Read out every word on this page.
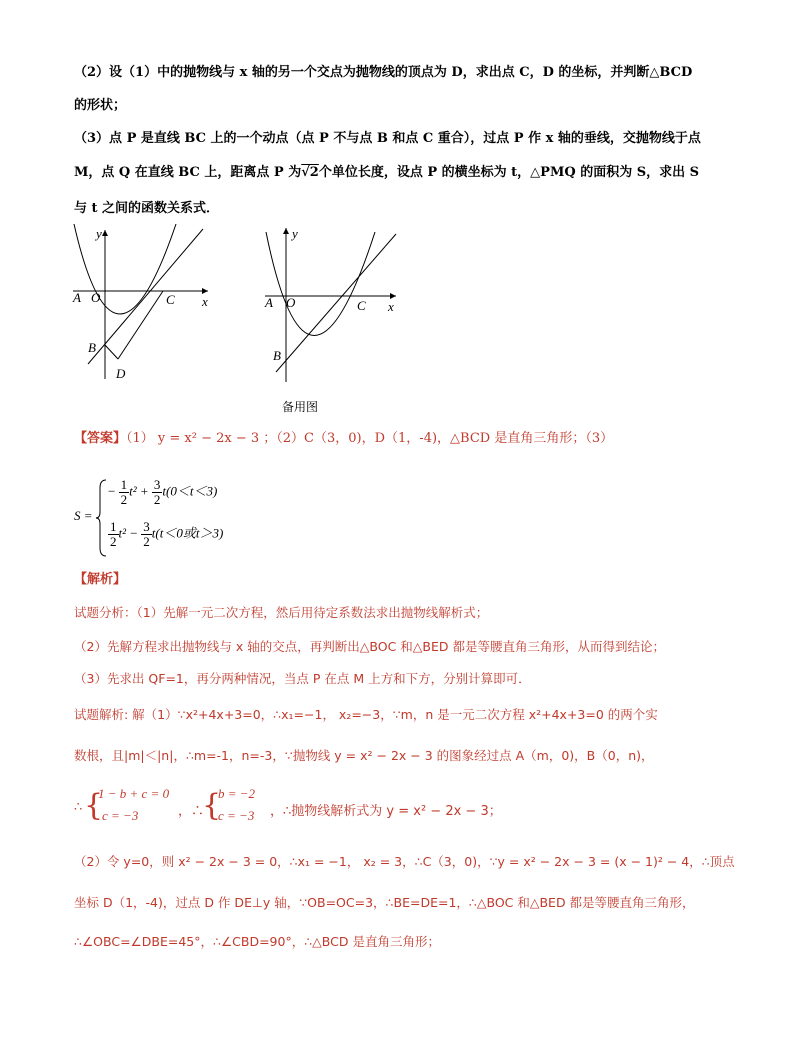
（2）设（1）中的抛物线与 x 轴的另一个交点为抛物线的顶点为 D，求出点 C，D 的坐标，并判断△BCD
的形状；
（3）点 P 是直线 BC 上的一个动点（点 P 不与点 B 和点 C 重合），过点 P 作 x 轴的垂线，交抛物线于点
M，点 Q 在直线 BC 上，距离点 P 为√2个单位长度，设点 P 的横坐标为 t，△PMQ 的面积为 S，求出 S
与 t 之间的函数关系式．
y
x
A O	C
B
D
y
x
A O	C
B
备用图
【答案】（1） y = x² − 2x − 3 ；（2）C（3，0)，D（1，-4)，△BCD 是直角三角形；（3）
S =
− $\frac{1}{2} t^2 + \frac{3}{2} t(0<t<3)$
$\frac{1}{2} t^2 - \frac{3}{2} t(t<0$或t＞3)
【解析】
试题分析：（1）先解一元二次方程，然后用待定系数法求出抛物线解析式；
（2）先解方程求出抛物线与 x 轴的交点，再判断出△BOC 和△BED 都是等腰直角三角形，从而得到结论；
（3）先求出 QF=1，再分两种情况，当点 P 在点 M 上方和下方，分别计算即可．
试题解析: 解（1）∵x²+4x+3=0，∴x₁=−1， x₂=−3，∵m，n 是一元二次方程 x²+4x+3=0 的两个实
数根，且|m|＜|n|，∴m=-1，n=-3，∵抛物线 y = x² − 2x − 3 的图象经过点 A（m，0)，B（0，n)，
∴ {
1 − b + c = 0
c = −3	，∴
{
b = −2
c = −3 ，∴抛物线解析式为 y = x² − 2x − 3；
（2）令 y=0，则 x² − 2x − 3 = 0，∴x₁ = −1， x₂ = 3，∴C（3，0)，∵y = x² − 2x − 3 = (x − 1)² − 4，∴顶点
坐标 D（1，-4)，过点 D 作 DE⊥y 轴，∵OB=OC=3，∴BE=DE=1，∴△BOC 和△BED 都是等腰直角三角形，
∴∠OBC=∠DBE=45°，∴∠CBD=90°，∴△BCD 是直角三角形；
